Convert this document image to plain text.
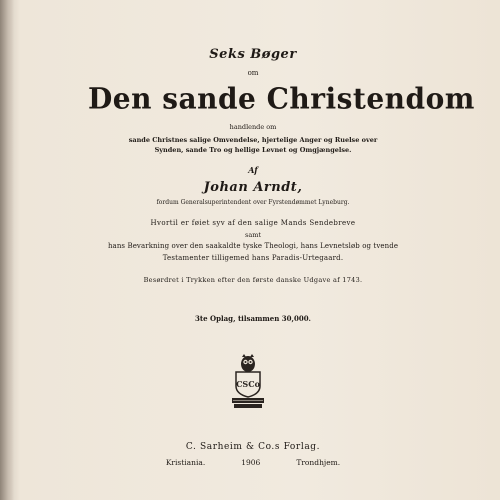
Seks Bøger
om
Den sande Christendom
handlende om
sande Christnes salige Omvendelse, hjertelige Anger og Ruelse over
Synden, sande Tro og hellige Levnet og Omgjængelse.
Af
Johan Arndt,
fordum Generalsuperintendent over Fyrstendømmet Lyneburg.
Hvortil er føiet syv af den salige Mands Sendebreve
samt
hans Bevarkning over den saakaldte tyske Theologi, hans Levnetsløb og tvende
Testamenter tilligemed hans Paradis-Urtegaard.
Besørdret i Trykken efter den første danske Udgave af 1743.
3te Oplag, tilsammen 30,000.
CSCo
C. Sarheim & Co.s Forlag.
Kristiania.	1906	Trondhjem.
